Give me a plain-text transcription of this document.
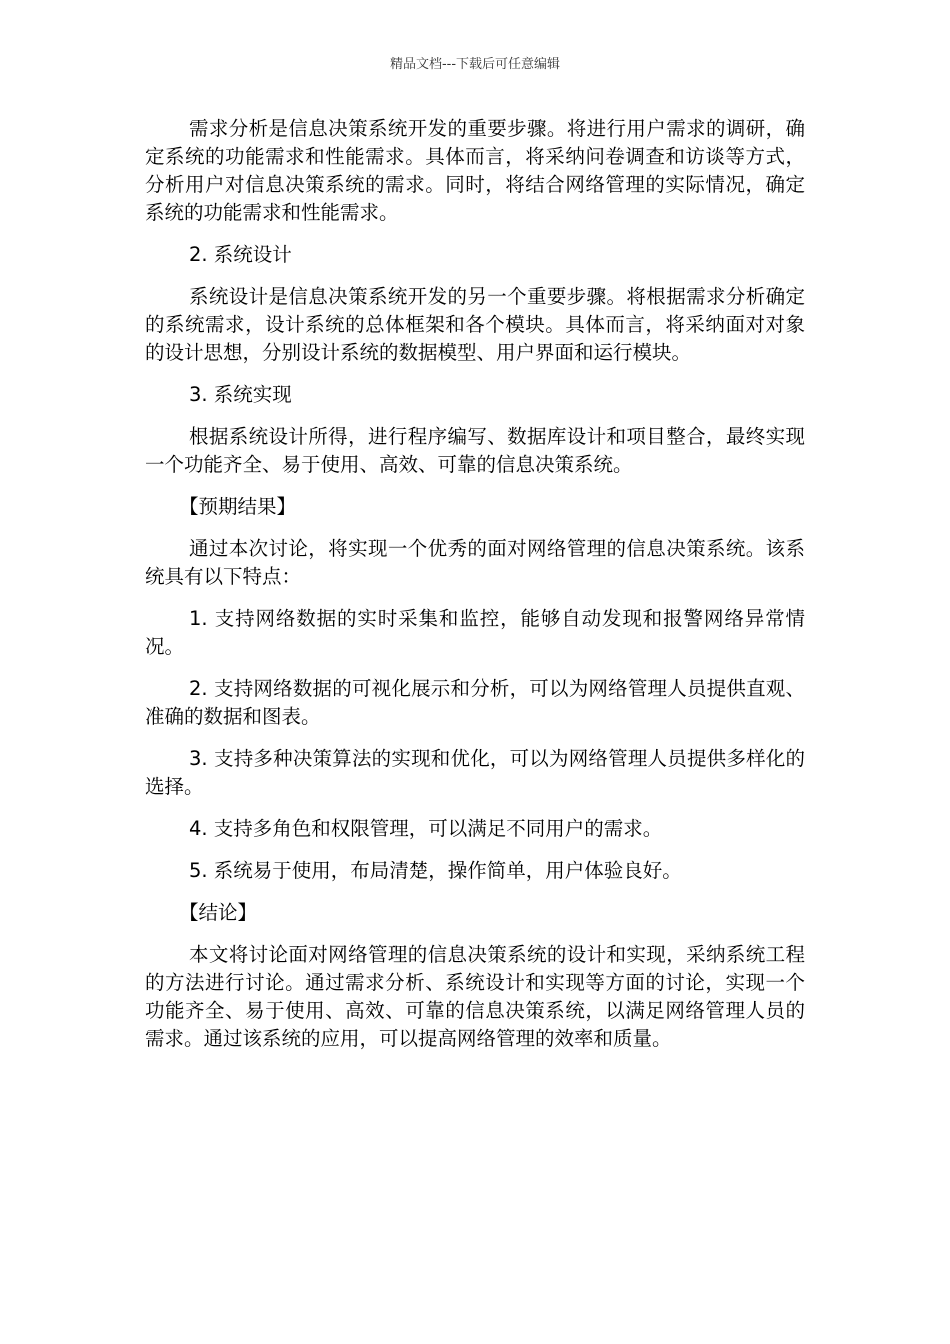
精品文档---下载后可任意编辑

需求分析是信息决策系统开发的重要步骤。将进行用户需求的调研，确定系统的功能需求和性能需求。具体而言，将采纳问卷调查和访谈等方式，分析用户对信息决策系统的需求。同时，将结合网络管理的实际情况，确定系统的功能需求和性能需求。

2. 系统设计

系统设计是信息决策系统开发的另一个重要步骤。将根据需求分析确定的系统需求，设计系统的总体框架和各个模块。具体而言，将采纳面对对象的设计思想，分别设计系统的数据模型、用户界面和运行模块。

3. 系统实现

根据系统设计所得，进行程序编写、数据库设计和项目整合，最终实现一个功能齐全、易于使用、高效、可靠的信息决策系统。

【预期结果】

通过本次讨论，将实现一个优秀的面对网络管理的信息决策系统。该系统具有以下特点：

1. 支持网络数据的实时采集和监控，能够自动发现和报警网络异常情况。

2. 支持网络数据的可视化展示和分析，可以为网络管理人员提供直观、准确的数据和图表。

3. 支持多种决策算法的实现和优化，可以为网络管理人员提供多样化的选择。

4. 支持多角色和权限管理，可以满足不同用户的需求。

5. 系统易于使用，布局清楚，操作简单，用户体验良好。

【结论】

本文将讨论面对网络管理的信息决策系统的设计和实现，采纳系统工程的方法进行讨论。通过需求分析、系统设计和实现等方面的讨论，实现一个功能齐全、易于使用、高效、可靠的信息决策系统，以满足网络管理人员的需求。通过该系统的应用，可以提高网络管理的效率和质量。
